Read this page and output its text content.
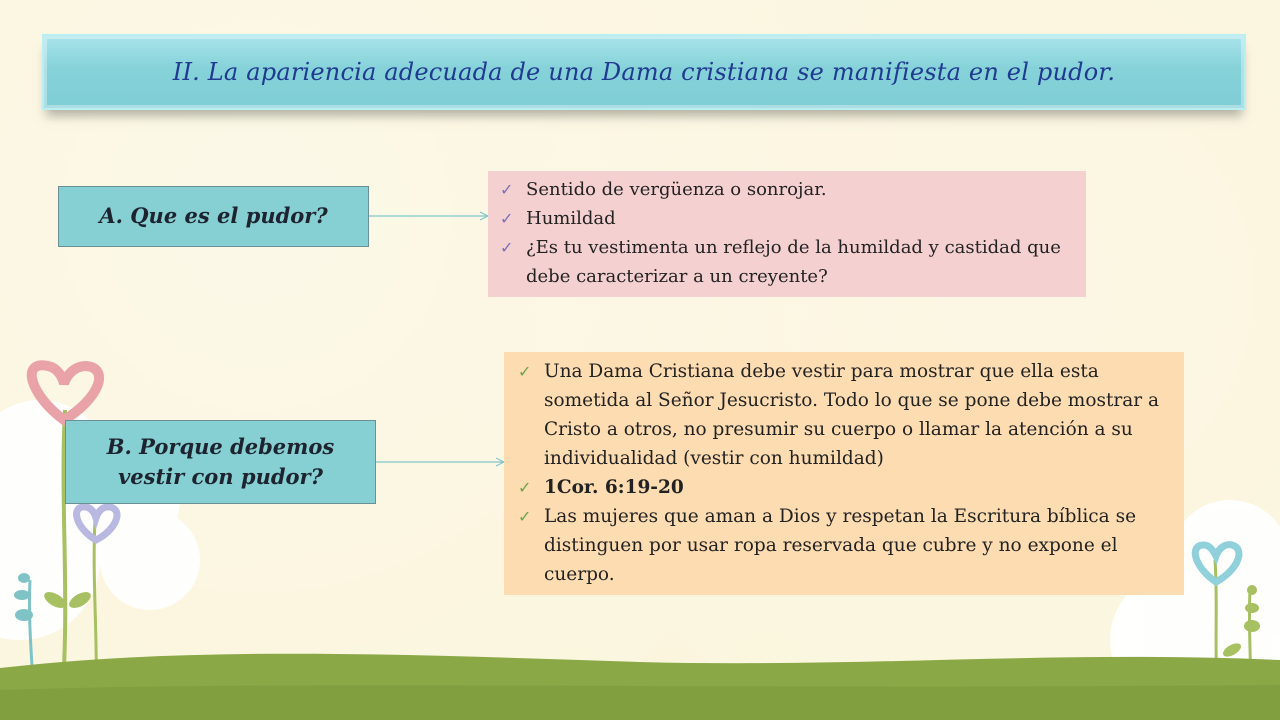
II. La apariencia adecuada de una Dama cristiana se manifiesta en el pudor.
A. Que es el pudor?
✓ Sentido de vergüenza o sonrojar.
✓ Humildad
✓ ¿Es tu vestimenta un reflejo de la humildad y castidad que debe caracterizar a un creyente?
B. Porque debemos vestir con pudor?
✓ Una Dama Cristiana debe vestir para mostrar que ella esta sometida al Señor Jesucristo. Todo lo que se pone debe mostrar a Cristo a otros, no presumir su cuerpo o llamar la atención a su individualidad (vestir con humildad)
✓ 1Cor. 6:19-20
✓ Las mujeres que aman a Dios y respetan la Escritura bíblica se distinguen por usar ropa reservada que cubre y no expone el cuerpo.
